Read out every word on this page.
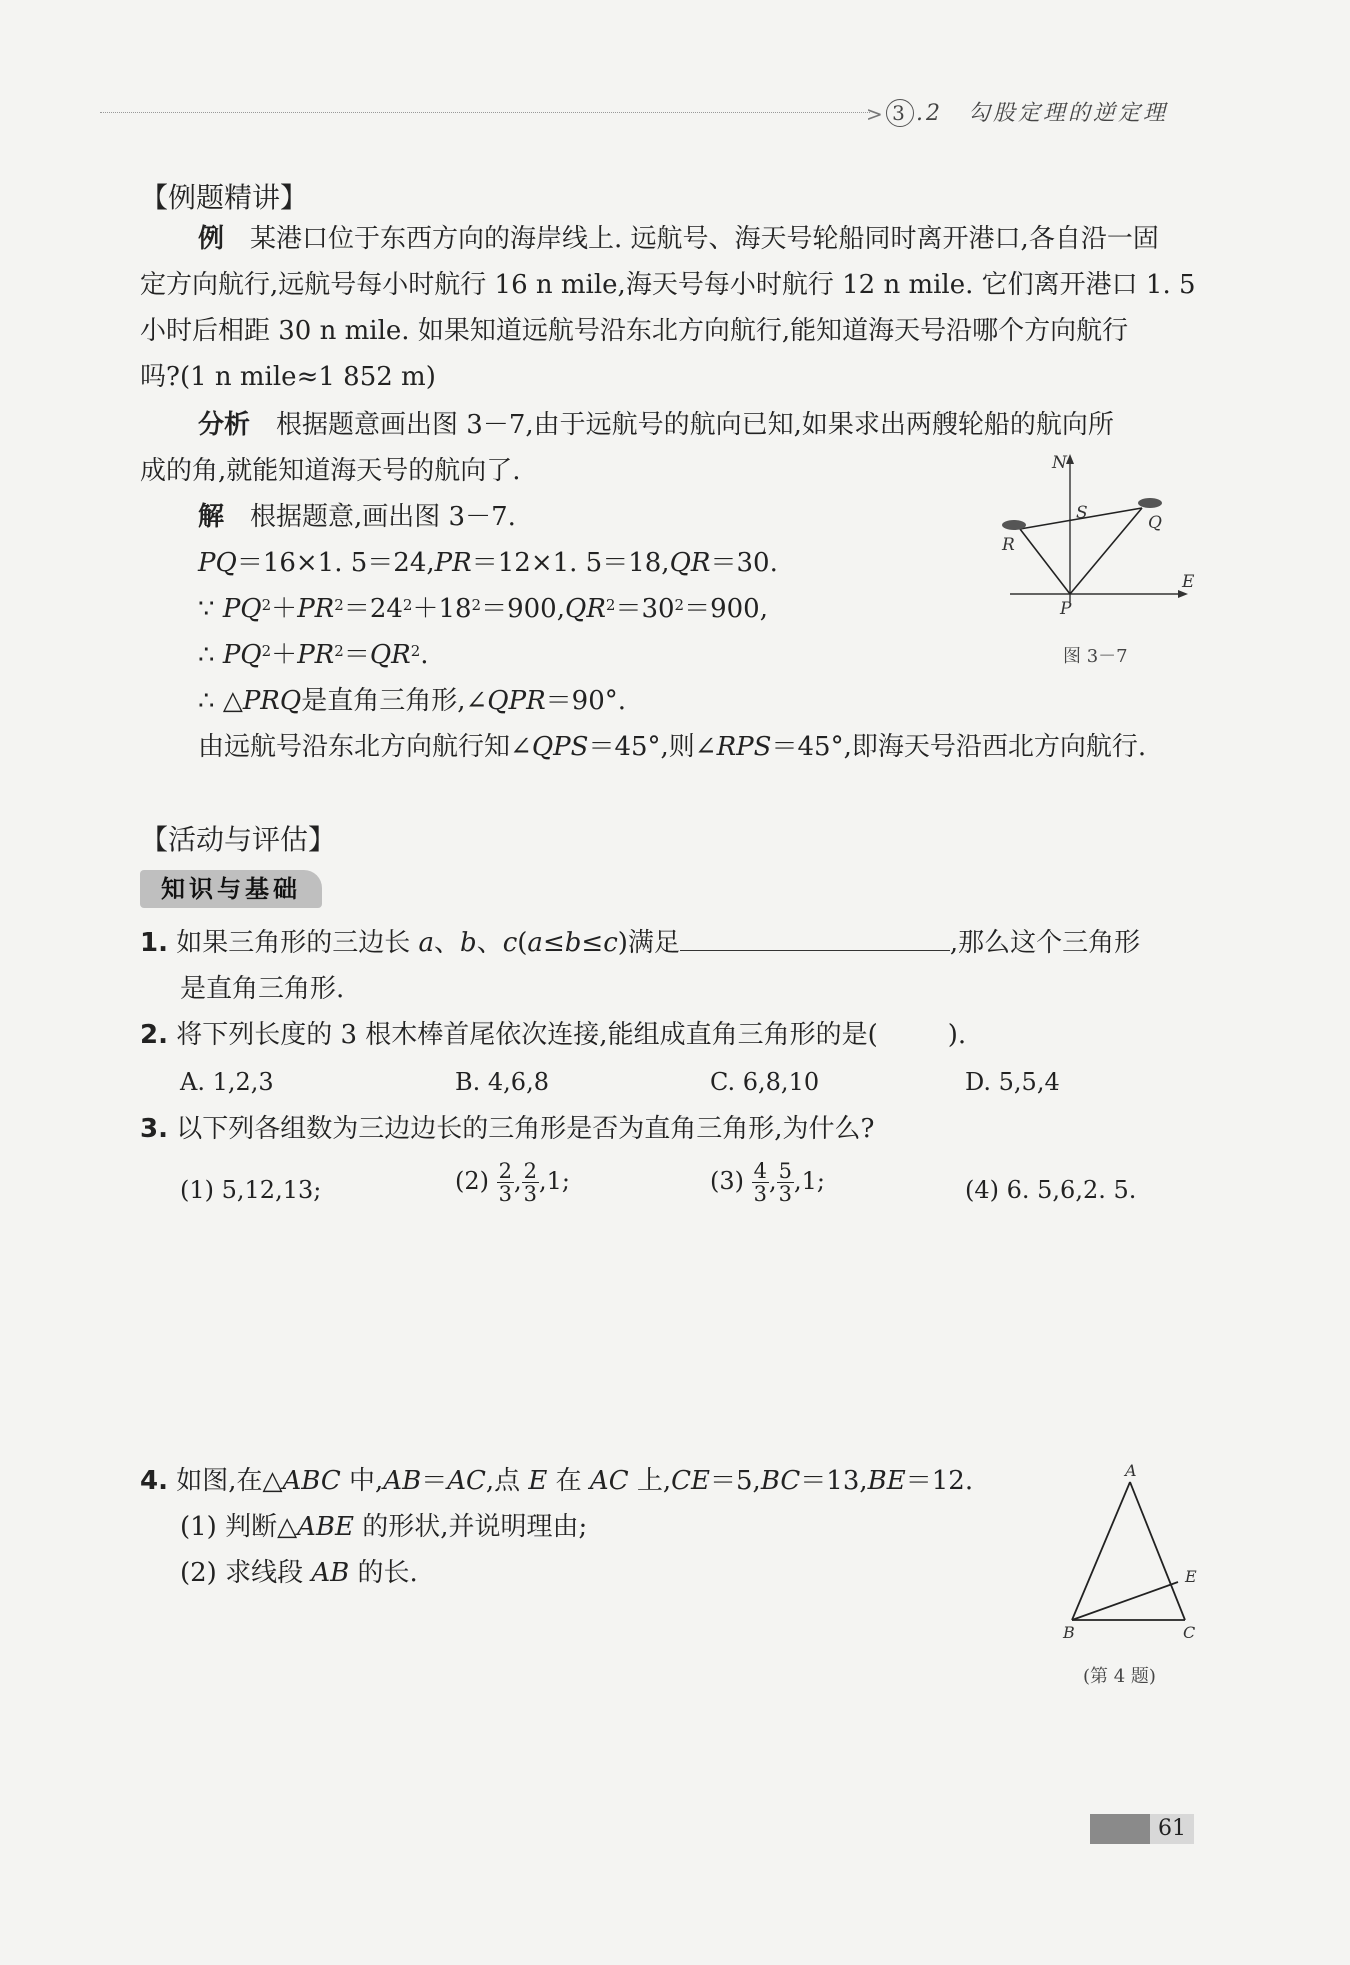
> 3 .2　勾股定理的逆定理
【例题精讲】
例　 某港口位于东西方向的海岸线上. 远航号、海天号轮船同时离开港口,各自沿一固
定方向航行,远航号每小时航行 16 n mile,海天号每小时航行 12 n mile. 它们离开港口 1. 5
小时后相距 30 n mile. 如果知道远航号沿东北方向航行,能知道海天号沿哪个方向航行
吗?(1 n mile≈1 852 m)
分析　 根据题意画出图 3－7,由于远航号的航向已知,如果求出两艘轮船的航向所
成的角,就能知道海天号的航向了.
解　 根据题意,画出图 3－7.
PQ＝16×1. 5＝24,PR＝12×1. 5＝18,QR＝30.
∵ $PQ^2+PR^2=24^2+18^2=900,QR^2=30^2=900$,
∴ $PQ^2+PR^2=QR^2$.
∴ △PRQ是直角三角形,∠QPR＝90°.
由远航号沿东北方向航行知∠QPS＝45°,则∠RPS＝45°,即海天号沿西北方向航行.
N
S
R
Q
P
E
图 3－7
【活动与评估】
知识与基础
1. 如果三角形的三边长 a、b、c(a≤b≤c)满足	,那么这个三角形
是直角三角形.
2. 将下列长度的 3 根木棒首尾依次连接,能组成直角三角形的是(	).
A. 1,2,3	B. 4,6,8	C. 6,8,10	D. 5,5,4
3. 以下列各组数为三边边长的三角形是否为直角三角形,为什么?
(1) 5,12,13;	$(2) \frac{2}{3}$ , $\frac{2}{3} ,1$;	$(3) \frac{4}{3}$ , $\frac{5}{3} ,1$;	(4) 6. 5,6,2. 5.
4. 如图,在△ABC 中,AB＝AC,点 E 在 AC 上,CE＝5,BC＝13,BE＝12.
(1) 判断△ABE 的形状,并说明理由;
(2) 求线段 AB 的长.
A
B	C
E
(第 4 题)
61
